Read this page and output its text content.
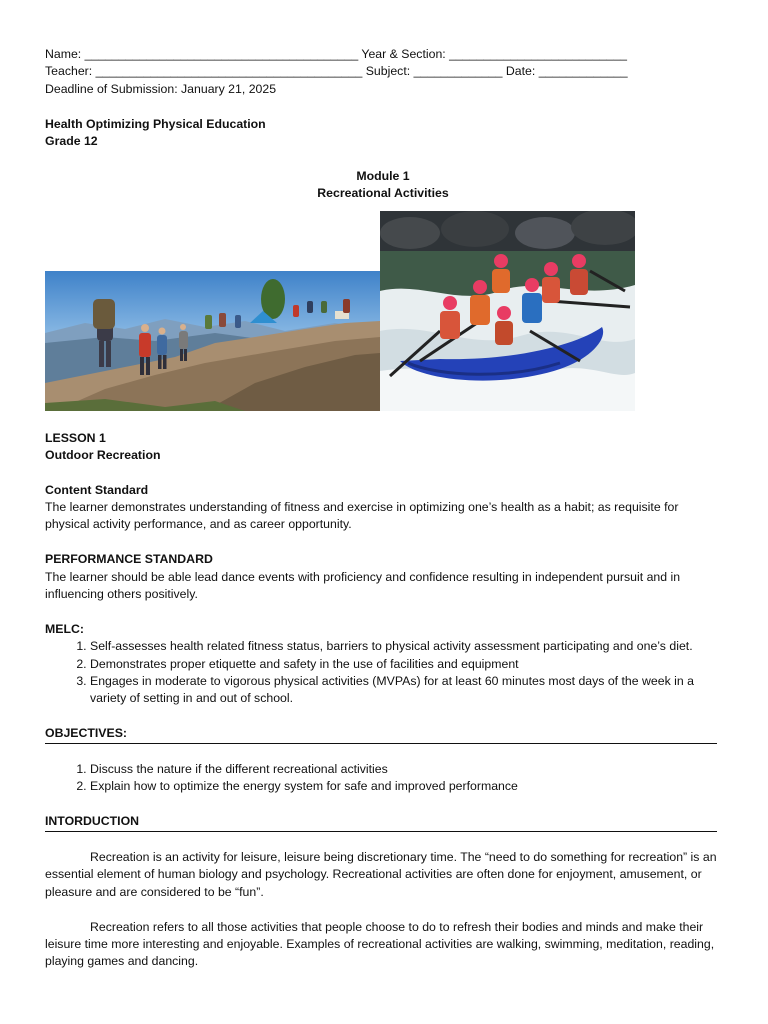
Name: ________________________________________ Year & Section: __________________________
Teacher: _______________________________________ Subject: _____________ Date: _____________
Deadline of Submission: January 21, 2025
Health Optimizing Physical Education
Grade 12
Module 1
Recreational Activities
LESSON 1
Outdoor Recreation
Content Standard

The learner demonstrates understanding of fitness and exercise in optimizing one’s health as a habit; as requisite for physical activity performance, and as career opportunity.

PERFORMANCE STANDARD

The learner should be able lead dance events with proficiency and confidence resulting in independent pursuit and in influencing others positively.

MELC:
1. Self-assesses health related fitness status, barriers to physical activity assessment participating and one’s diet.
2. Demonstrates proper etiquette and safety in the use of facilities and equipment
3. Engages in moderate to vigorous physical activities (MVPAs) for at least 60 minutes most days of the week in a variety of setting in and out of school.
OBJECTIVES:
1. Discuss the nature if the different recreational activities
2. Explain how to optimize the energy system for safe and improved performance
INTORDUCTION

Recreation is an activity for leisure, leisure being discretionary time. The “need to do something for recreation” is an essential element of human biology and psychology. Recreational activities are often done for enjoyment, amusement, or pleasure and are considered to be “fun”.

Recreation refers to all those activities that people choose to do to refresh their bodies and minds and make their leisure time more interesting and enjoyable. Examples of recreational activities are walking, swimming, meditation, reading, playing games and dancing.
